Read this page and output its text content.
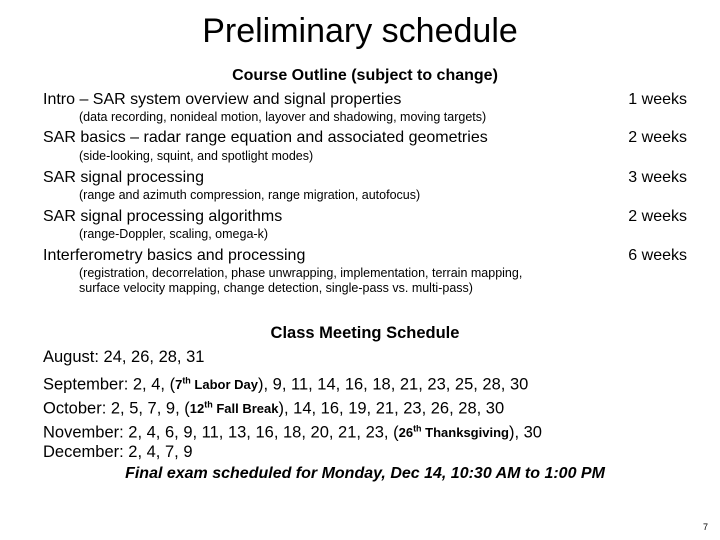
Preliminary schedule
Course Outline (subject to change)
Intro – SAR system overview and signal properties	1 weeks
(data recording, nonideal motion, layover and shadowing, moving targets)
SAR basics – radar range equation and associated geometries	2 weeks
(side-looking, squint, and spotlight modes)
SAR signal processing	3 weeks
(range and azimuth compression, range migration, autofocus)
SAR signal processing algorithms	2 weeks
(range-Doppler, scaling, omega-k)
Interferometry basics and processing	6 weeks
(registration, decorrelation, phase unwrapping, implementation, terrain mapping,
surface velocity mapping, change detection, single-pass vs. multi-pass)
Class Meeting Schedule
August: 24, 26, 28, 31
September: 2, 4, (7th Labor Day), 9, 11, 14, 16, 18, 21, 23, 25, 28, 30
October: 2, 5, 7, 9, (12th Fall Break), 14, 16, 19, 21, 23, 26, 28, 30
November: 2, 4, 6, 9, 11, 13, 16, 18, 20, 21, 23, (26th Thanksgiving), 30
December: 2, 4, 7, 9
Final exam scheduled for Monday, Dec 14, 10:30 AM to 1:00 PM
7
